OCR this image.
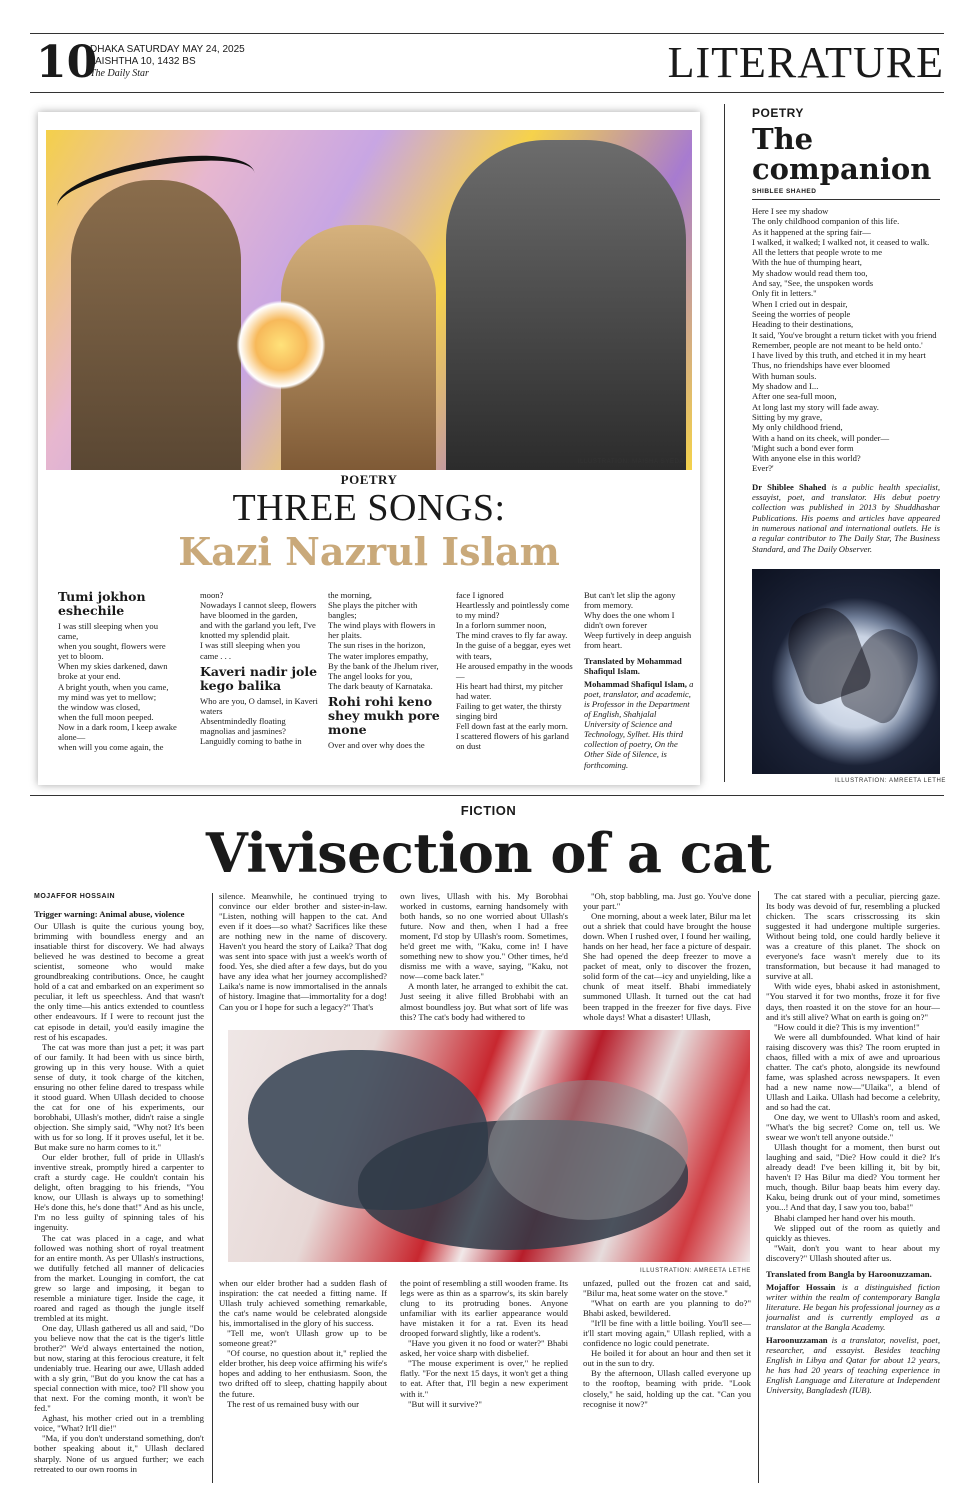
10
DHAKA SATURDAY MAY 24, 2025
JAISHTHA 10, 1432 BS
The Daily Star	LITERATURE
ILLUSTRATION: MAISHA SYEDA
POETRY
THREE SONGS:
Kazi Nazrul Islam
Tumi jokhon eshechile
I was still sleeping when you came,
when you sought, flowers were yet to bloom.
When my skies darkened, dawn broke at your end.
A bright youth, when you came,
my mind was yet to mellow;
the window was closed,
when the full moon peeped.
Now in a dark room, I keep awake alone—
when will you come again, the
moon?
Nowadays I cannot sleep, flowers have bloomed in the garden,
and with the garland you left, I've knotted my splendid plait.
I was still sleeping when you came . . .
Kaveri nadir jole kego balika
Who are you, O damsel, in Kaveri waters
Absentmindedly floating magnolias and jasmines?
Languidly coming to bathe in
the morning,
She plays the pitcher with bangles;
The wind plays with flowers in her plaits.
The sun rises in the horizon,
The water implores empathy,
By the bank of the Jhelum river,
The angel looks for you,
The dark beauty of Karnataka.
Rohi rohi keno shey mukh pore mone
Over and over why does the
face I ignored
Heartlessly and pointlessly come to my mind?
In a forlorn summer noon,
The mind craves to fly far away.
In the guise of a beggar, eyes wet with tears,
He aroused empathy in the woods—
His heart had thirst, my pitcher had water.
Failing to get water, the thirsty singing bird
Fell down fast at the early morn.
I scattered flowers of his garland on dust
But can't let slip the agony from memory.
Why does the one whom I didn't own forever
Weep furtively in deep anguish from heart.
Translated by Mohammad Shafiqul Islam.
Mohammad Shafiqul Islam, a poet, translator, and academic, is Professor in the Department of English, Shahjalal University of Science and Technology, Sylhet. His third collection of poetry, On the Other Side of Silence, is forthcoming.
POETRY
The companion
SHIBLEE SHAHED
Here I see my shadow
The only childhood companion of this life.
As it happened at the spring fair—
I walked, it walked; I walked not, it ceased to walk.
All the letters that people wrote to me
With the hue of thumping heart,
My shadow would read them too,
And say, "See, the unspoken words
Only fit in letters."
When I cried out in despair,
Seeing the worries of people
Heading to their destinations,
It said, 'You've brought a return ticket with you friend
Remember, people are not meant to be held onto.'
I have lived by this truth, and etched it in my heart
Thus, no friendships have ever bloomed
With human souls.
My shadow and I...
After one sea-full moon,
At long last my story will fade away.
Sitting by my grave,
My only childhood friend,
With a hand on its cheek, will ponder—
'Might such a bond ever form
With anyone else in this world?
Ever?'
Dr Shiblee Shahed is a public health specialist, essayist, poet, and translator. His debut poetry collection was published in 2013 by Shuddhashar Publications. His poems and articles have appeared in numerous national and international outlets. He is a regular contributor to The Daily Star, The Business Standard, and The Daily Observer.
ILLUSTRATION: AMREETA LETHE
FICTION
Vivisection of a cat
MOJAFFOR HOSSAIN

Trigger warning: Animal abuse, violence

Our Ullash is quite the curious young boy, brimming with boundless energy and an insatiable thirst for discovery. We had always believed he was destined to become a great scientist, someone who would make groundbreaking contributions. Once, he caught hold of a cat and embarked on an experiment so peculiar, it left us speechless. And that wasn't the only time—his antics extended to countless other endeavours. If I were to recount just the cat episode in detail, you'd easily imagine the rest of his escapades.

The cat was more than just a pet; it was part of our family. It had been with us since birth, growing up in this very house. With a quiet sense of duty, it took charge of the kitchen, ensuring no other feline dared to trespass while it stood guard. When Ullash decided to choose the cat for one of his experiments, our borobhabi, Ullash's mother, didn't raise a single objection. She simply said, "Why not? It's been with us for so long. If it proves useful, let it be. But make sure no harm comes to it."

Our elder brother, full of pride in Ullash's inventive streak, promptly hired a carpenter to craft a sturdy cage. He couldn't contain his delight, often bragging to his friends, "You know, our Ullash is always up to something! He's done this, he's done that!" And as his uncle, I'm no less guilty of spinning tales of his ingenuity.

The cat was placed in a cage, and what followed was nothing short of royal treatment for an entire month. As per Ullash's instructions, we dutifully fetched all manner of delicacies from the market. Lounging in comfort, the cat grew so large and imposing, it began to resemble a miniature tiger. Inside the cage, it roared and raged as though the jungle itself trembled at its might.

One day, Ullash gathered us all and said, "Do you believe now that the cat is the tiger's little brother?" We'd always entertained the notion, but now, staring at this ferocious creature, it felt undeniably true. Hearing our awe, Ullash added with a sly grin, "But do you know the cat has a special connection with mice, too? I'll show you that next. For the coming month, it won't be fed."

Aghast, his mother cried out in a trembling voice, "What? It'll die!"

"Ma, if you don't understand something, don't bother speaking about it," Ullash declared sharply. None of us argued further; we each retreated to our own rooms in

silence. Meanwhile, he continued trying to convince our elder brother and sister-in-law. "Listen, nothing will happen to the cat. And even if it does—so what? Sacrifices like these are nothing new in the name of discovery. Haven't you heard the story of Laika? That dog was sent into space with just a week's worth of food. Yes, she died after a few days, but do you have any idea what her journey accomplished? Laika's name is now immortalised in the annals of history. Imagine that—immortality for a dog! Can you or I hope for such a legacy?" That's

own lives, Ullash with his. My Borobhai worked in customs, earning handsomely with both hands, so no one worried about Ullash's future. Now and then, when I had a free moment, I'd stop by Ullash's room. Sometimes, he'd greet me with, "Kaku, come in! I have something new to show you." Other times, he'd dismiss me with a wave, saying, "Kaku, not now—come back later."

A month later, he arranged to exhibit the cat. Just seeing it alive filled Brobhabi with an almost boundless joy. But what sort of life was this? The cat's body had withered to

"Oh, stop babbling, ma. Just go. You've done your part."

One morning, about a week later, Bilur ma let out a shriek that could have brought the house down. When I rushed over, I found her wailing, hands on her head, her face a picture of despair. She had opened the deep freezer to move a packet of meat, only to discover the frozen, solid form of the cat—icy and unyielding, like a chunk of meat itself. Bhabi immediately summoned Ullash. It turned out the cat had been trapped in the freezer for five days. Five whole days! What a disaster! Ullash,

ILLUSTRATION: AMREETA LETHE

when our elder brother had a sudden flash of inspiration: the cat needed a fitting name. If Ullash truly achieved something remarkable, the cat's name would be celebrated alongside his, immortalised in the glory of his success.

"Tell me, won't Ullash grow up to be someone great?"

"Of course, no question about it," replied the elder brother, his deep voice affirming his wife's hopes and adding to her enthusiasm. Soon, the two drifted off to sleep, chatting happily about the future.

The rest of us remained busy with our

the point of resembling a still wooden frame. Its legs were as thin as a sparrow's, its skin barely clung to its protruding bones. Anyone unfamiliar with its earlier appearance would have mistaken it for a rat. Even its head drooped forward slightly, like a rodent's.

"Have you given it no food or water?" Bhabi asked, her voice sharp with disbelief.

"The mouse experiment is over," he replied flatly. "For the next 15 days, it won't get a thing to eat. After that, I'll begin a new experiment with it."

"But will it survive?"

unfazed, pulled out the frozen cat and said, "Bilur ma, heat some water on the stove."

"What on earth are you planning to do?" Bhabi asked, bewildered.

"It'll be fine with a little boiling. You'll see—it'll start moving again," Ullash replied, with a confidence no logic could penetrate.

He boiled it for about an hour and then set it out in the sun to dry.

By the afternoon, Ullash called everyone up to the rooftop, beaming with pride. "Look closely," he said, holding up the cat. "Can you recognise it now?"

The cat stared with a peculiar, piercing gaze. Its body was devoid of fur, resembling a plucked chicken. The scars crisscrossing its skin suggested it had undergone multiple surgeries. Without being told, one could hardly believe it was a creature of this planet. The shock on everyone's face wasn't merely due to its transformation, but because it had managed to survive at all.

With wide eyes, bhabi asked in astonishment, "You starved it for two months, froze it for five days, then roasted it on the stove for an hour—and it's still alive? What on earth is going on?"

"How could it die? This is my invention!"

We were all dumbfounded. What kind of hair raising discovery was this? The room erupted in chaos, filled with a mix of awe and uproarious chatter. The cat's photo, alongside its newfound fame, was splashed across newspapers. It even had a new name now—"Ulaika", a blend of Ullash and Laika. Ullash had become a celebrity, and so had the cat.

One day, we went to Ullash's room and asked, "What's the big secret? Come on, tell us. We swear we won't tell anyone outside."

Ullash thought for a moment, then burst out laughing and said, "Die? How could it die? It's already dead! I've been killing it, bit by bit, haven't I? Has Bilur ma died? You torment her much, though. Bilur baap beats him every day. Kaku, being drunk out of your mind, sometimes you...! And that day, I saw you too, baba!"

Bhabi clamped her hand over his mouth.

We slipped out of the room as quietly and quickly as thieves.

"Wait, don't you want to hear about my discovery?" Ullash shouted after us.

Translated from Bangla by Haroonuzzaman.

Mojaffor Hossain is a distinguished fiction writer within the realm of contemporary Bangla literature. He began his professional journey as a journalist and is currently employed as a translator at the Bangla Academy.

Haroonuzzaman is a translator, novelist, poet, researcher, and essayist. Besides teaching English in Libya and Qatar for about 12 years, he has had 20 years of teaching experience in English Language and Literature at Independent University, Bangladesh (IUB).
